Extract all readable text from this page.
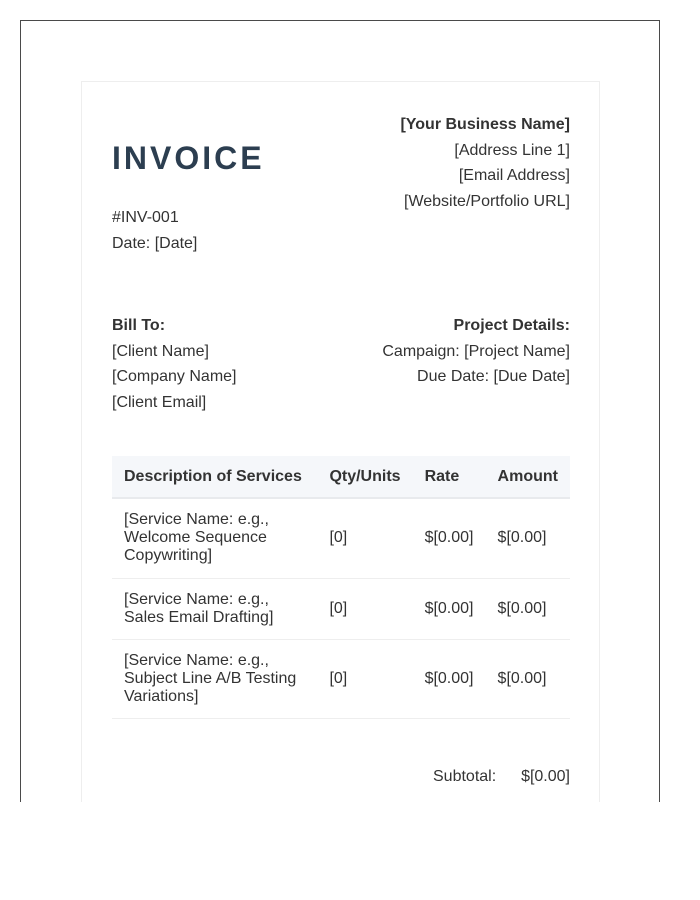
INVOICE
#INV-001
Date: [Date]
[Your Business Name]
[Address Line 1]
[Email Address]
[Website/Portfolio URL]
Bill To:
[Client Name]
[Company Name]
[Client Email]
Project Details:
Campaign: [Project Name]
Due Date: [Due Date]
Description of Services	Qty/Units	Rate	Amount

[Service Name: e.g.,
Welcome Sequence
Copywriting]	[0]	$[0.00]	$[0.00]

[Service Name: e.g.,
Sales Email Drafting]	[0]	$[0.00]	$[0.00]

[Service Name: e.g.,
Subject Line A/B Testing
Variations]	[0]	$[0.00]	$[0.00]
Subtotal: $[0.00]
